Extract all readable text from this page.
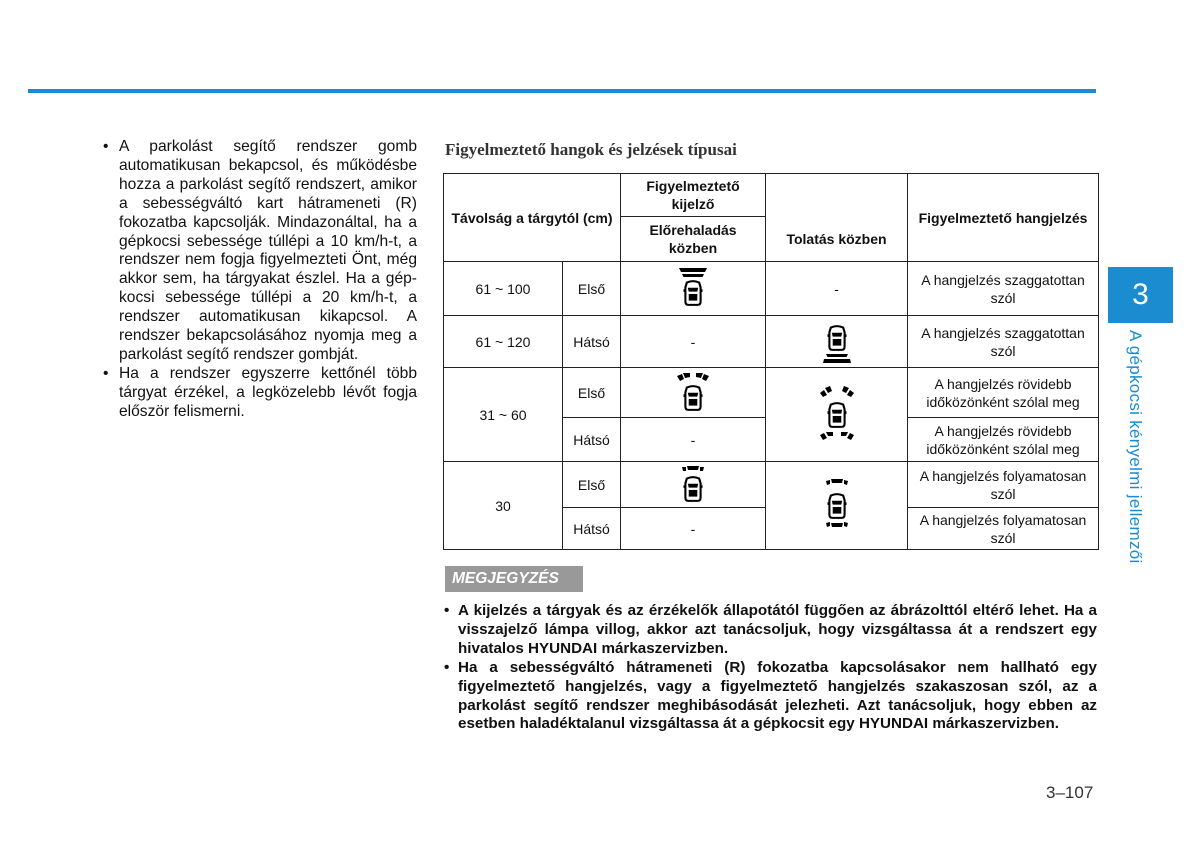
• A parkolást segítő rendszer gomb automatikusan bekapcsol, és működésbe hozza a parkolást segítő rendszert, amikor a sebességváltó kart hátrameneti (R) fokozatba kapcsolják. Mindazonáltal, ha a gépkocsi sebessége túllépi a 10 km/h-t, a rendszer nem fogja figyelmezteti Önt, még akkor sem, ha tárgyakat észlel. Ha a gépkocsi sebessége túllépi a 20 km/h-t, a rendszer automatikusan kikapcsol. A rendszer bekapcsolásához nyomja meg a parkolást segítő rendszer gombját.
• Ha a rendszer egyszerre kettőnél több tárgyat érzékel, a legközelebb lévőt fogja először felismerni.
Figyelmeztető hangok és jelzések típusai
Távolság a tárgytól (cm)		Figyelmeztető kijelző		Figyelmeztető hangjelzés
		Előrehaladás közben	Tolatás közben	
61 ~ 100	Első		-	A hangjelzés szaggatottan szól
61 ~ 120	Hátsó	-		A hangjelzés szaggatottan szól
31 ~ 60	Első			A hangjelzés rövidebb időközönként szólal meg
	Hátsó	-		A hangjelzés rövidebb időközönként szólal meg
30	Első			A hangjelzés folyamatosan szól
	Hátsó	-		A hangjelzés folyamatosan szól
MEGJEGYZÉS
• A kijelzés a tárgyak és az érzékelők állapotától függően az ábrázolttól eltérő lehet. Ha a visszajelző lámpa villog, akkor azt tanácsoljuk, hogy vizsgáltassa át a rendszert egy hivatalos HYUNDAI márkaszervizben.
• Ha a sebességváltó hátrameneti (R) fokozatba kapcsolásakor nem hallható egy figyelmeztető hangjelzés, vagy a figyelmeztető hangjelzés szakaszosan szól, az a parkolást segítő rendszer meghibásodását jelezheti. Azt tanácsoljuk, hogy ebben az esetben haladéktalanul vizsgáltassa át a gépkocsit egy HYUNDAI márkaszervizben.
3
A gépkocsi kényelmi jellemzői
3–107
